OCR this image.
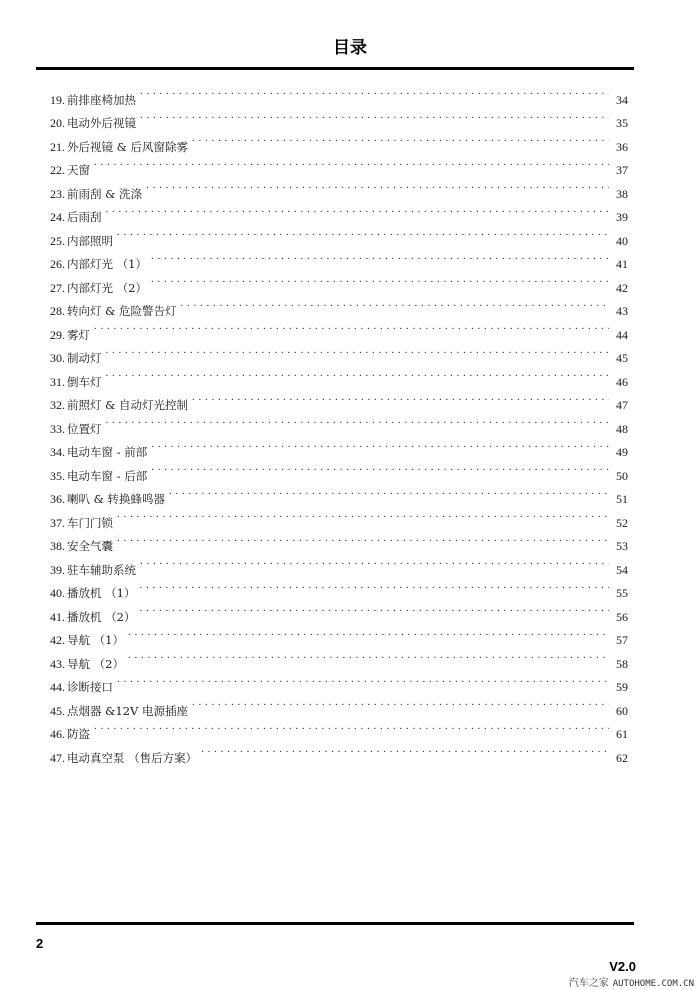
目录
19. 前排座椅加热 . . .	34
20. 电动外后视镜 . . .	35
21. 外后视镜 & 后风窗除雾 . . .	36
22. 天窗 . . .	37
23. 前雨刮 & 洗涤 . . .	38
24. 后雨刮 . . .	39
25. 内部照明 . . .	40
26. 内部灯光 （1） . . .	41
27. 内部灯光 （2） . . .	42
28. 转向灯 & 危险警告灯 . . .	43
29. 雾灯 . . .	44
30. 制动灯 . . .	45
31. 倒车灯 . . .	46
32. 前照灯 & 自动灯光控制 . . .	47
33. 位置灯 . . .	48
34. 电动车窗 - 前部 . . .	49
35. 电动车窗 - 后部 . . .	50
36. 喇叭 & 转换蜂鸣器 . . .	51
37. 车门门锁 . . .	52
38. 安全气囊 . . .	53
39. 驻车辅助系统 . . .	54
40. 播放机 （1） . . .	55
41. 播放机 （2） . . .	56
42. 导航 （1） . . .	57
43. 导航 （2） . . .	58
44. 诊断接口 . . .	59
45. 点烟器 &12V 电源插座 . . .	60
46. 防盗 . . .	61
47. 电动真空泵 （售后方案） . . .	62
2
V2.0
汽车之家 AUTOHOME.COM.CN
